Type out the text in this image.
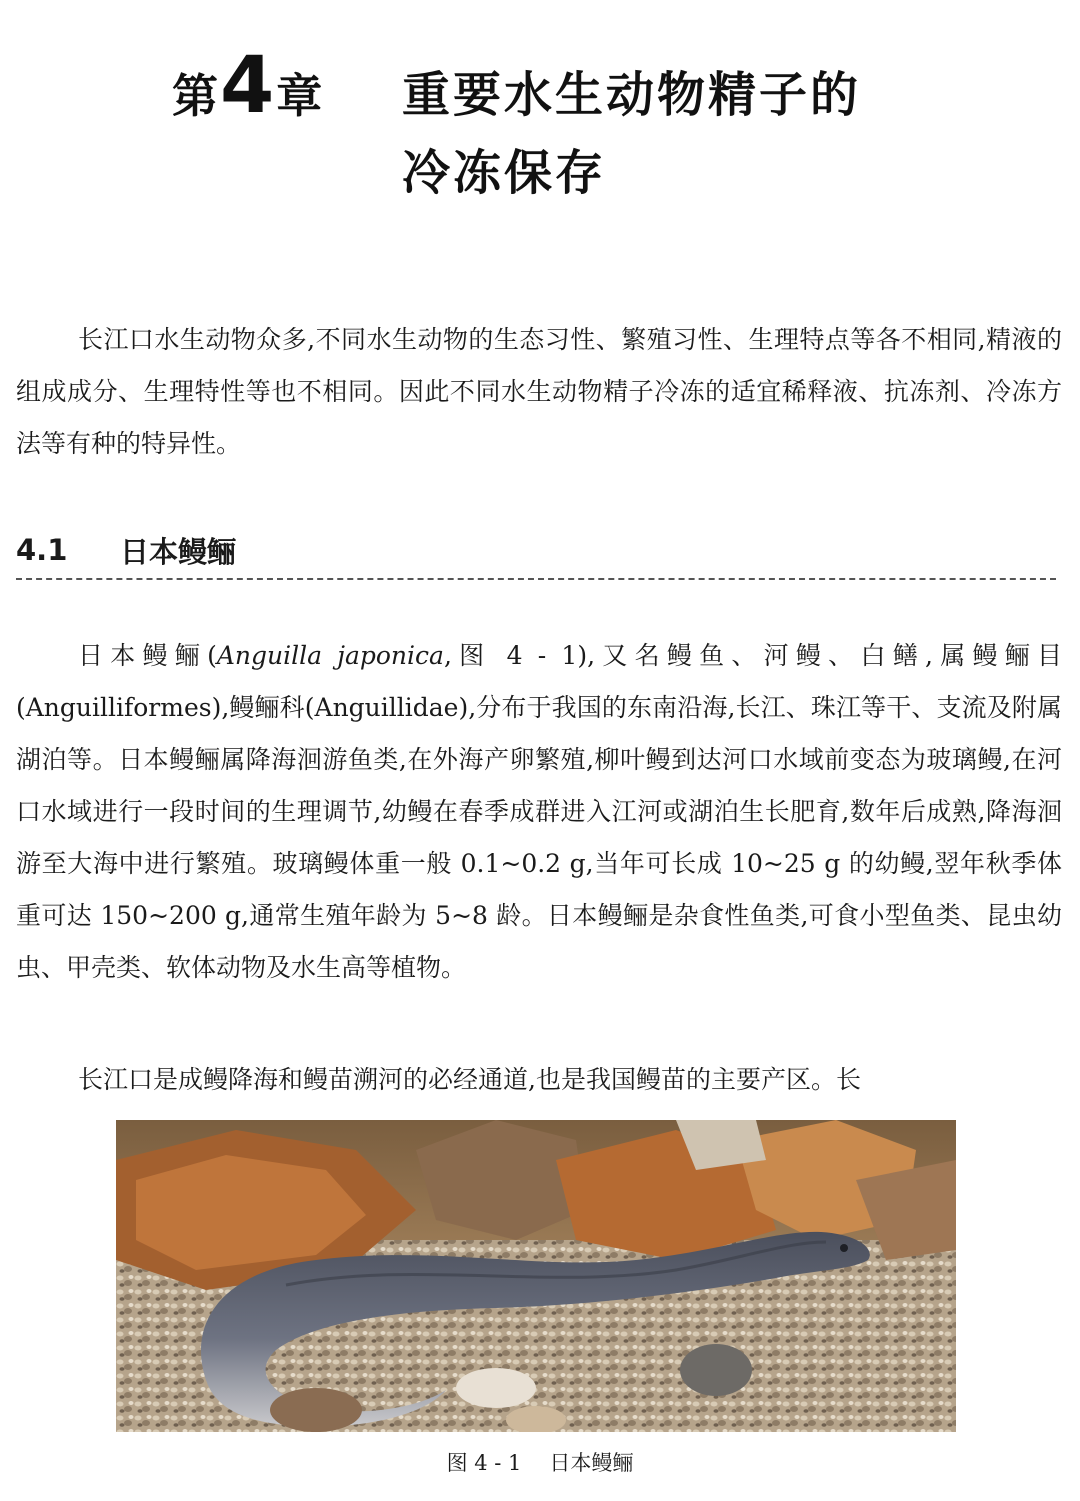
第 4 章 重要水生动物精子的
冷冻保存

长江口水生动物众多,不同水生动物的生态习性、繁殖习性、生理特点等各不相同,精液的组成成分、生理特性等也不相同。因此不同水生动物精子冷冻的适宜稀释液、抗冻剂、冷冻方法等有种的特异性。

4.1	日本鳗鲡

日本鳗鲡(Anguilla japonica,图 4 - 1),又名鳗鱼、河鳗、白鳝,属鳗鲡目(Anguilliformes),鳗鲡科(Anguillidae),分布于我国的东南沿海,长江、珠江等干、支流及附属湖泊等。日本鳗鲡属降海洄游鱼类,在外海产卵繁殖,柳叶鳗到达河口水域前变态为玻璃鳗,在河口水域进行一段时间的生理调节,幼鳗在春季成群进入江河或湖泊生长肥育,数年后成熟,降海洄游至大海中进行繁殖。玻璃鳗体重一般 0.1~0.2 g,当年可长成 10~25 g 的幼鳗,翌年秋季体重可达 150~200 g,通常生殖年龄为 5~8 龄。日本鳗鲡是杂食性鱼类,可食小型鱼类、昆虫幼虫、甲壳类、软体动物及水生高等植物。

长江口是成鳗降海和鳗苗溯河的必经通道,也是我国鳗苗的主要产区。长

图 4 - 1 日本鳗鲡
